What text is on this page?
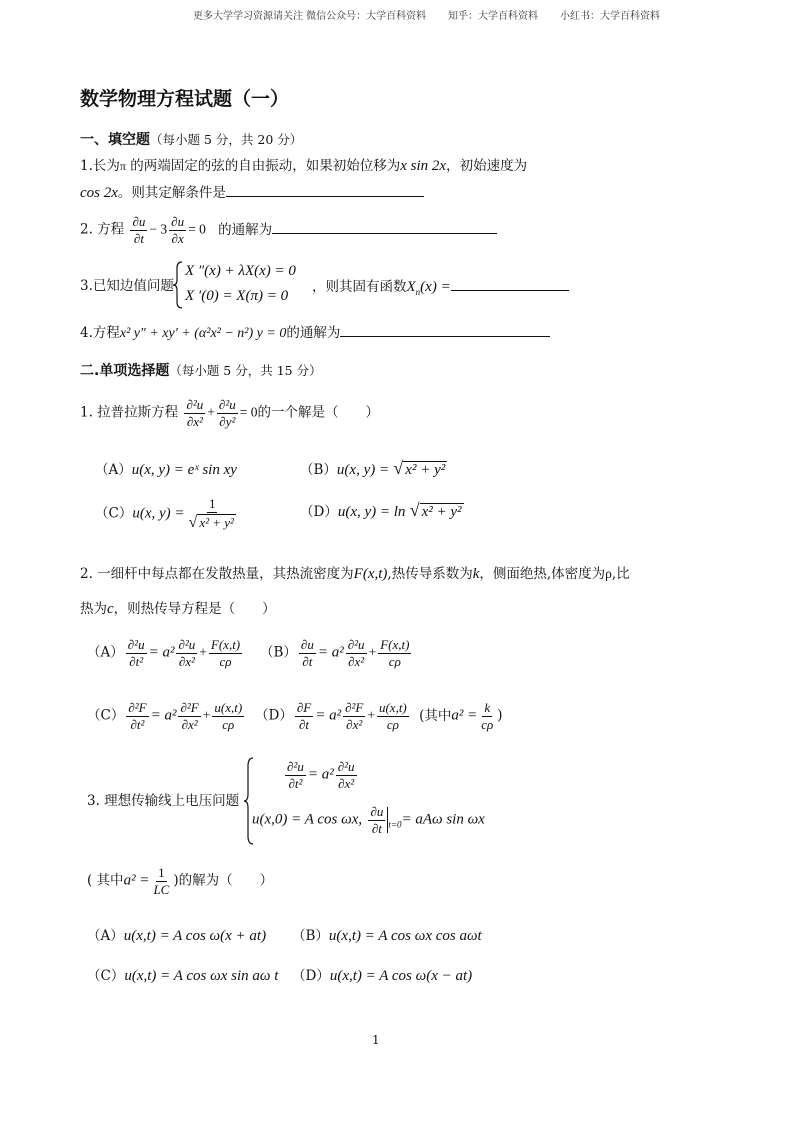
更多大学学习资源请关注 微信公众号：大学百科资料 知乎：大学百科资料 小红书：大学百科资料
数学物理方程试题（一）
一、填空题（每小题 5 分，共 20 分）
1.长为π 的两端固定的弦的自由振动，如果初始位移为x sin 2x，初始速度为
cos 2x。则其定解条件是
2. 方程 $\frac{\partial u}{\partial t} - 3 \frac{\partial u}{\partial x} = 0$ 的通解为
3.已知边值问题
X ″(x) + λX(x) = 0
X ′(0) = X(π) = 0
，则其固有函数$X_n(x)$ =
4.方程x² y″ + xy′ + (α²x² − n²) y = 0的通解为
二.单项选择题（每小题 5 分，共 15 分）
1. 拉普拉斯方程 $\frac{\text{∂²u}}{\text{∂x²}} + \frac{\text{∂²u}}{\text{∂y²}} = 0$的一个解是（　　）
（A）u(x, y) = eˣ sin xy	（B）u(x, y) = √ x² + y²
（C）u(x, $y) = \frac{1}{\text{√ x² + y²}}$	（D）u(x, y) = ln √ x² + y²
2. 一细杆中每点都在发散热量，其热流密度为F(x,t),热传导系数为k，侧面绝热,体密度为ρ,比
热为c，则热传导方程是（　　）
$(A) \frac{\text{∂²u}}{\text{∂t²}} = a^2 \frac{\text{∂²u}}{\text{∂x²}} + \frac{F(x,t)}{c\rho} (B) \frac{\partial u}{\partial t} = a^2 \frac{\text{∂²u}}{\text{∂x²}} + \frac{F(x,t)}{c\rho}$
$(C) \frac{\text{∂²F}}{\text{∂t²}} = a^2 \frac{\text{∂²F}}{\text{∂x²}} + \frac{u(x,t)}{c\rho} (D) \frac{\partial F}{\partial t} = a^2 \frac{\text{∂²F}}{\text{∂x²}} + \frac{u(x,t)}{c\rho}$ (其中$a^2 = \frac{k}{c\rho}$ )
3. 理想传输线上电压问题
$\frac{\text{∂²u}}{\text{∂t²}} = a^2 \frac{\text{∂²u}}{\text{∂x²}}$
u(x,0) = A cos ωx, $\frac{\partial u}{\partial t} _{t=0}= aA\omega$ sin ωx
( 其中$a^2 = \frac{1}{LC}$ )的解为（　　）
（A）u(x,t) = A cos ω(x + at) （B）u(x,t) = A cos ωx cos aωt
（C）u(x,t) = A cos ωx sin aω t （D）u(x,t) = A cos ω(x − at)
1
